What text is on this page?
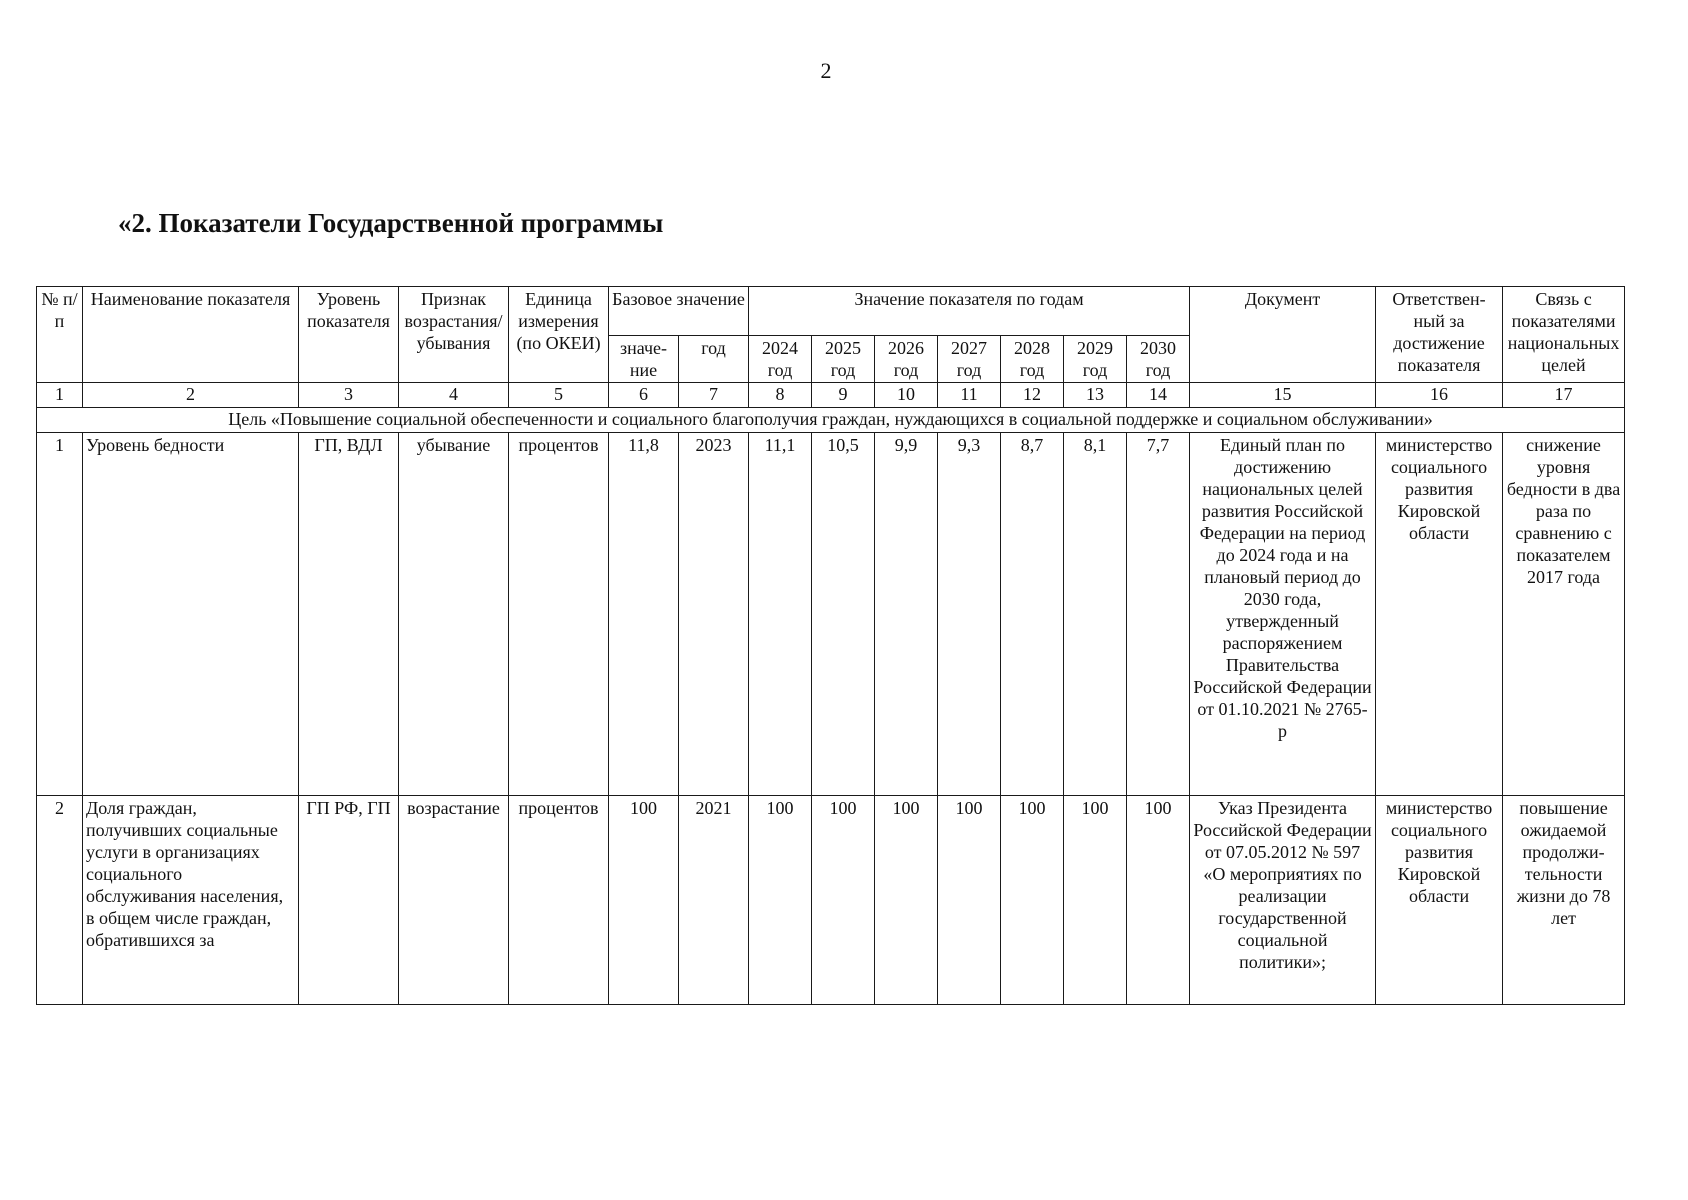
2
«2. Показатели Государственной программы
№ п/п	Наименование показателя	Уровень показателя	Признак возрастания/ убывания	Единица измерения (по ОКЕИ)	Базовое значение		Значение показателя по годам							Документ	Ответствен- ный за достижение показателя	Связь с показателями национальных целей
					значе- ние	год	2024 год	2025 год	2026 год	2027 год	2028 год	2029 год	2030 год			
1	2	3	4	5	6	7	8	9	10	11	12	13	14	15	16	17
Цель «Повышение социальной обеспеченности и социального благополучия граждан, нуждающихся в социальной поддержке и социальном обслуживании»																
1	Уровень бедности	ГП, ВДЛ	убывание	процентов	11,8	2023	11,1	10,5	9,9	9,3	8,7	8,1	7,7	Единый план по достижению национальных целей развития Российской Федерации на период до 2024 года и на плановый период до 2030 года, утвержденный распоряжением Правительства Российской Федерации от 01.10.2021 № 2765-р	министерство социального развития Кировской области	снижение уровня бедности в два раза по сравнению с показателем 2017 года

2	Доля граждан, получивших социальные услуги в организациях социального обслуживания населения, в общем числе граждан, обратившихся за	ГП РФ, ГП	возрастание	процентов	100	2021	100	100	100	100	100	100	100	Указ Президента Российской Федерации от 07.05.2012 № 597 «О мероприятиях по реализации государственной социальной политики»;	министерство социального развития Кировской области	повышение ожидаемой продолжи- тельности жизни до 78 лет
